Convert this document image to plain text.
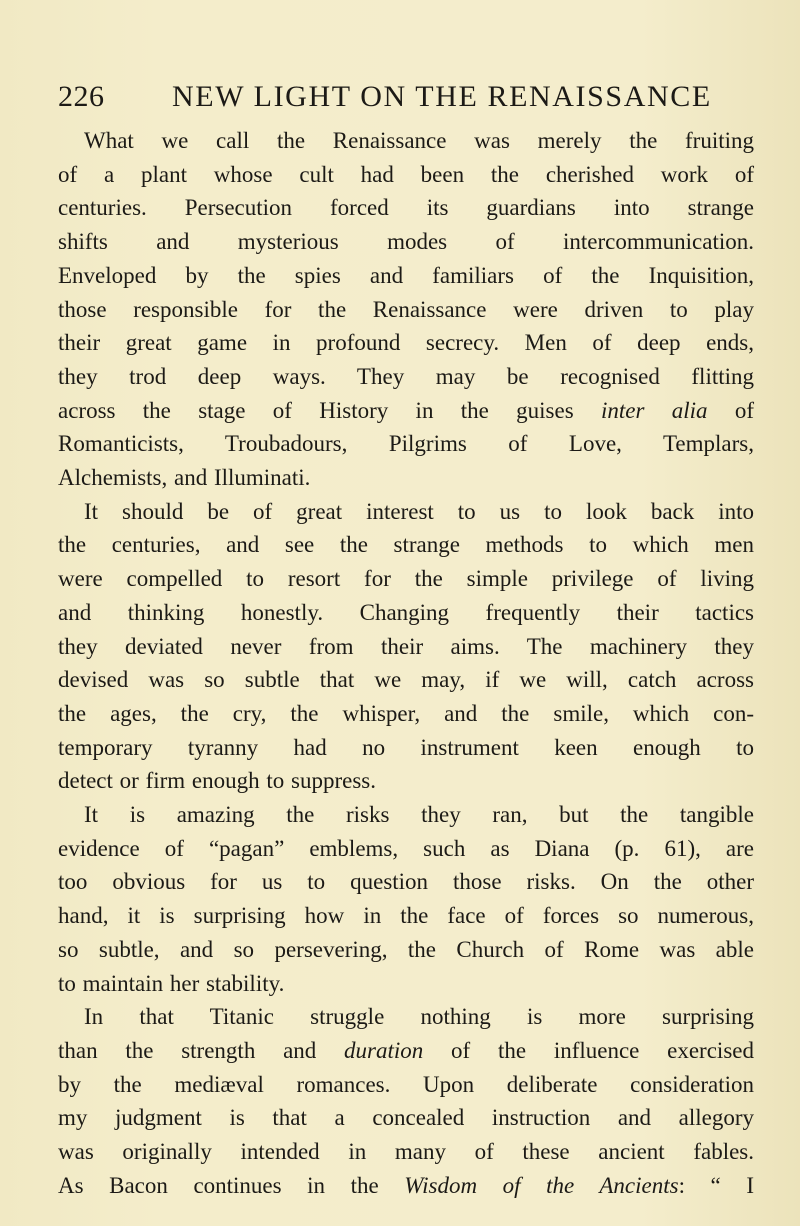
226 NEW LIGHT ON THE RENAISSANCE
What we call the Renaissance was merely the fruiting
of a plant whose cult had been the cherished work of
centuries. Persecution forced its guardians into strange
shifts and mysterious modes of intercommunication.
Enveloped by the spies and familiars of the Inquisition,
those responsible for the Renaissance were driven to play
their great game in profound secrecy. Men of deep ends,
they trod deep ways. They may be recognised flitting
across the stage of History in the guises inter alia of
Romanticists, Troubadours, Pilgrims of Love, Templars,
Alchemists, and Illuminati.
It should be of great interest to us to look back into
the centuries, and see the strange methods to which men
were compelled to resort for the simple privilege of living
and thinking honestly. Changing frequently their tactics
they deviated never from their aims. The machinery they
devised was so subtle that we may, if we will, catch across
the ages, the cry, the whisper, and the smile, which con-
temporary tyranny had no instrument keen enough to
detect or firm enough to suppress.
It is amazing the risks they ran, but the tangible
evidence of “pagan” emblems, such as Diana (p. 61), are
too obvious for us to question those risks. On the other
hand, it is surprising how in the face of forces so numerous,
so subtle, and so persevering, the Church of Rome was able
to maintain her stability.
In that Titanic struggle nothing is more surprising
than the strength and duration of the influence exercised
by the mediæval romances. Upon deliberate consideration
my judgment is that a concealed instruction and allegory
was originally intended in many of these ancient fables.
As Bacon continues in the Wisdom of the Ancients: “ I
